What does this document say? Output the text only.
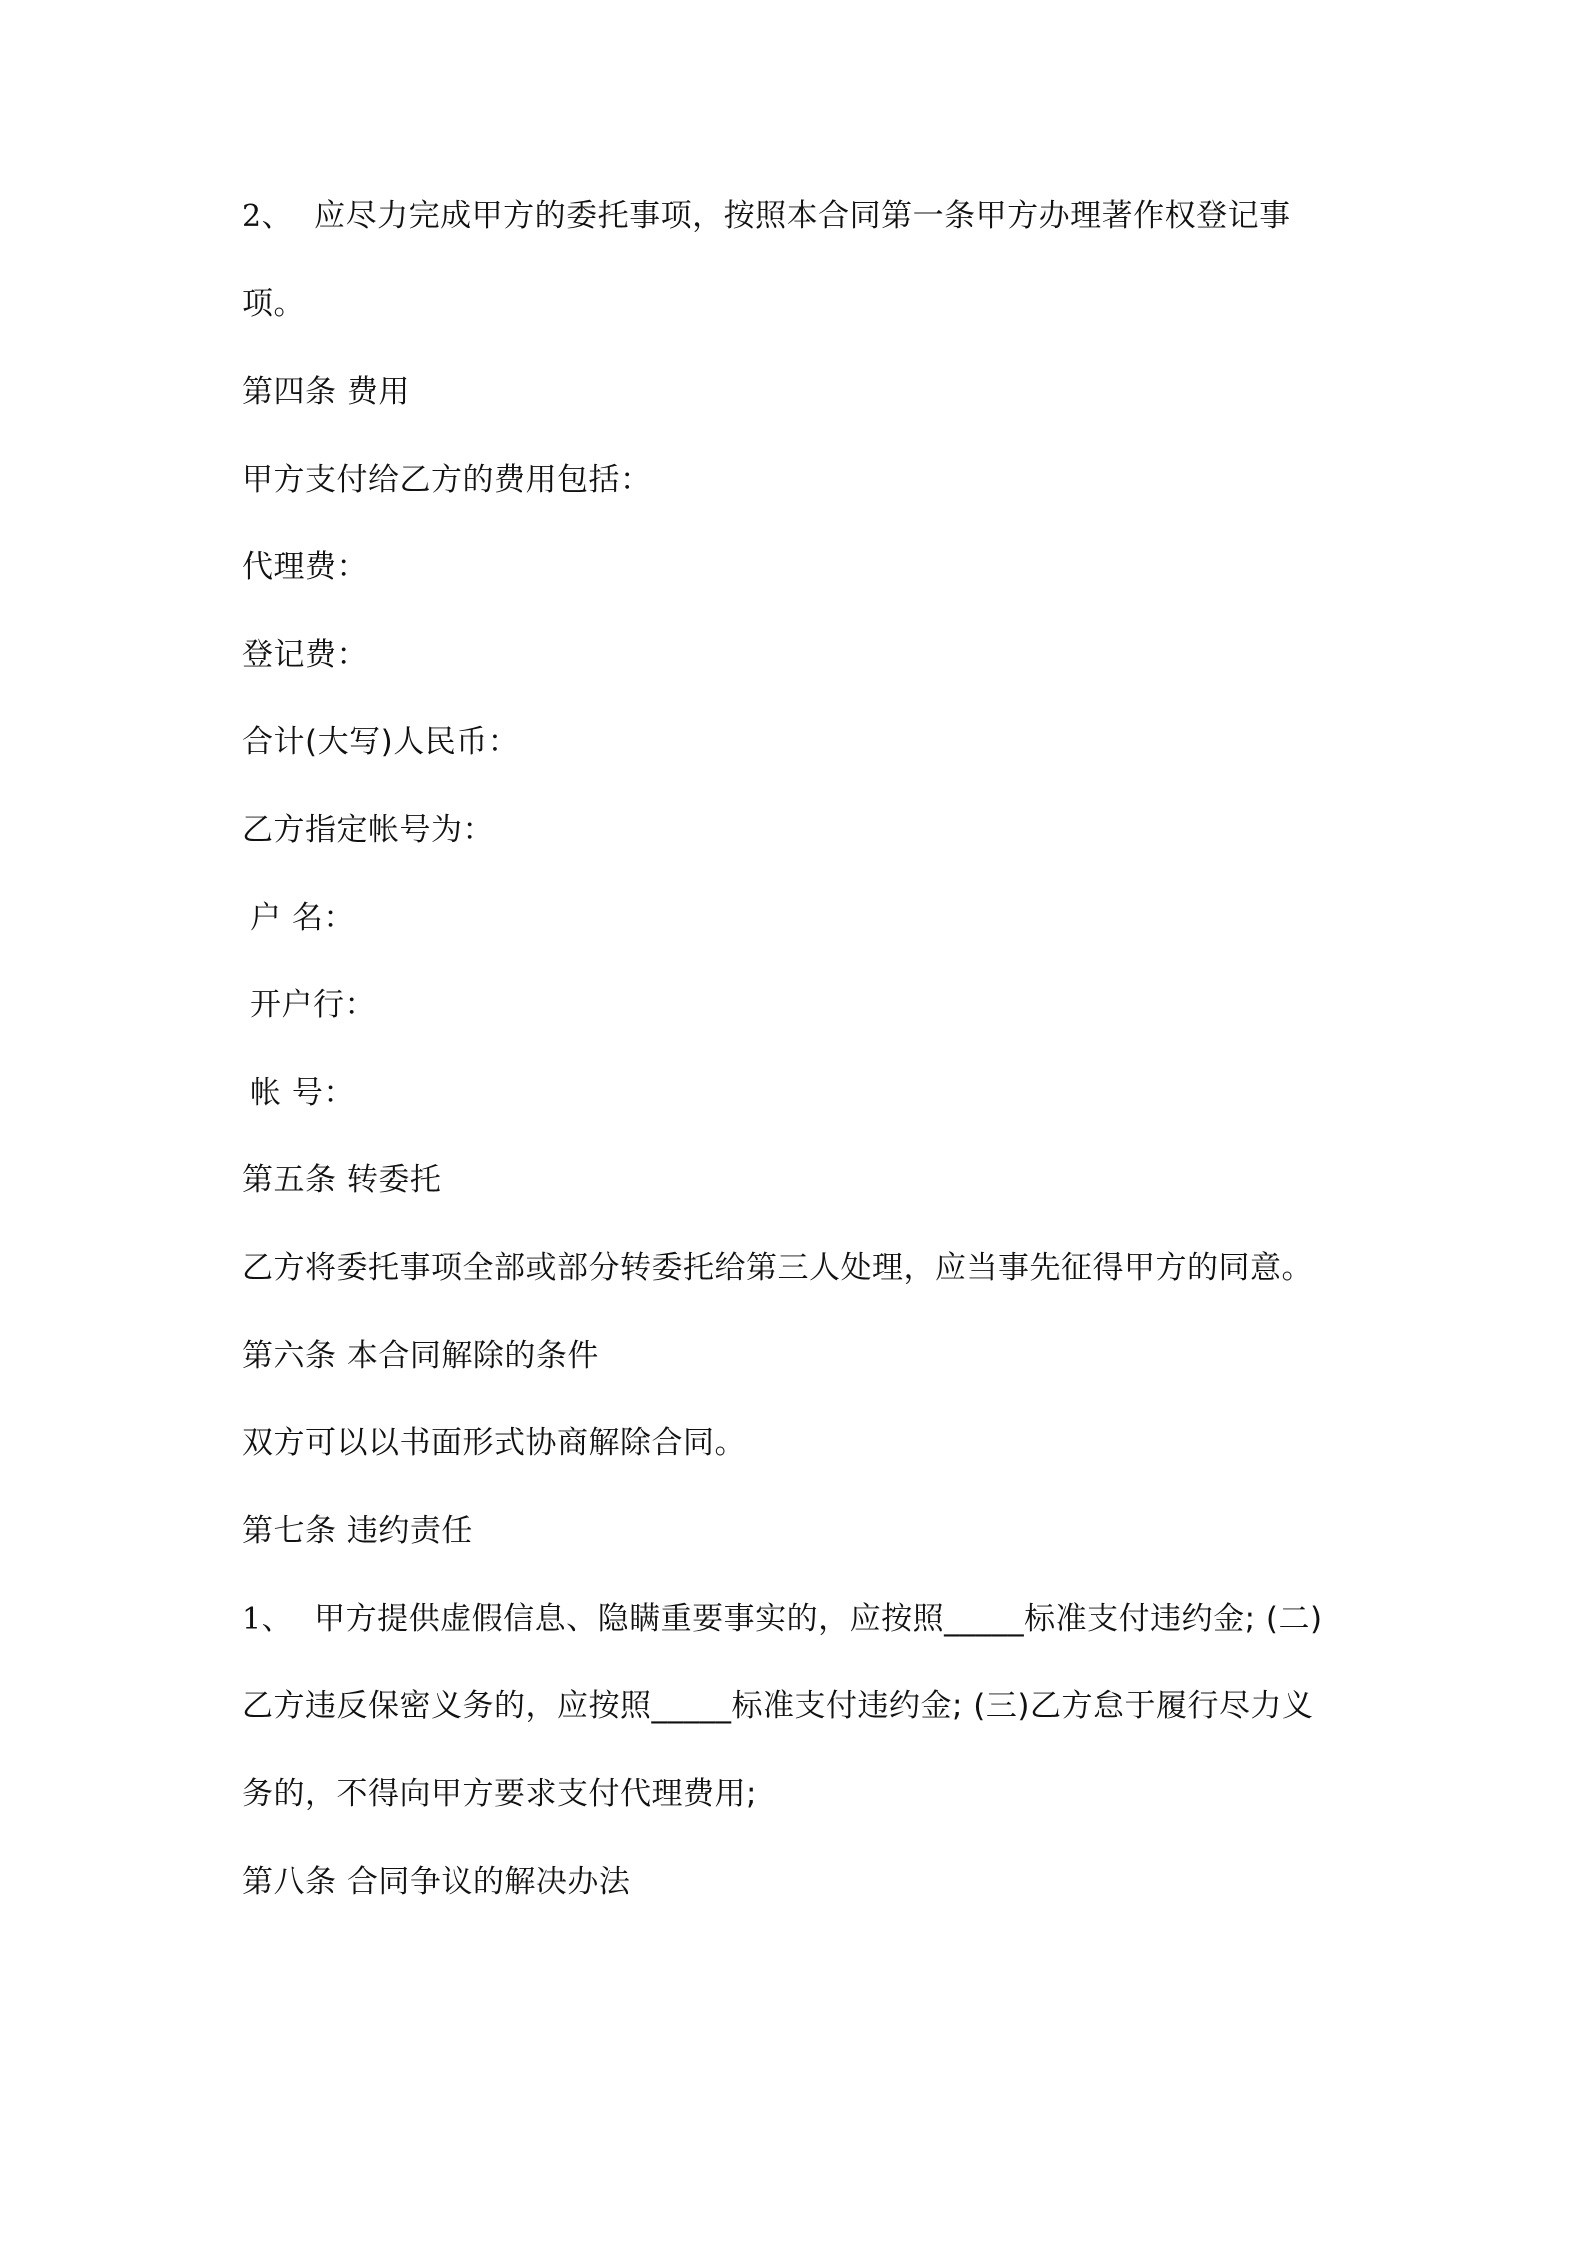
2、 应尽力完成甲方的委托事项，按照本合同第一条甲方办理著作权登记事
项。
第四条 费用
甲方支付给乙方的费用包括：
代理费：
登记费：
合计(大写)人民币：
乙方指定帐号为：
户 名：
开户行：
帐 号：
第五条 转委托
乙方将委托事项全部或部分转委托给第三人处理，应当事先征得甲方的同意。
第六条 本合同解除的条件
双方可以以书面形式协商解除合同。
第七条 违约责任
1、 甲方提供虚假信息、隐瞒重要事实的，应按照_____标准支付违约金; (二)
乙方违反保密义务的，应按照_____标准支付违约金; (三)乙方怠于履行尽力义
务的，不得向甲方要求支付代理费用;
第八条 合同争议的解决办法
